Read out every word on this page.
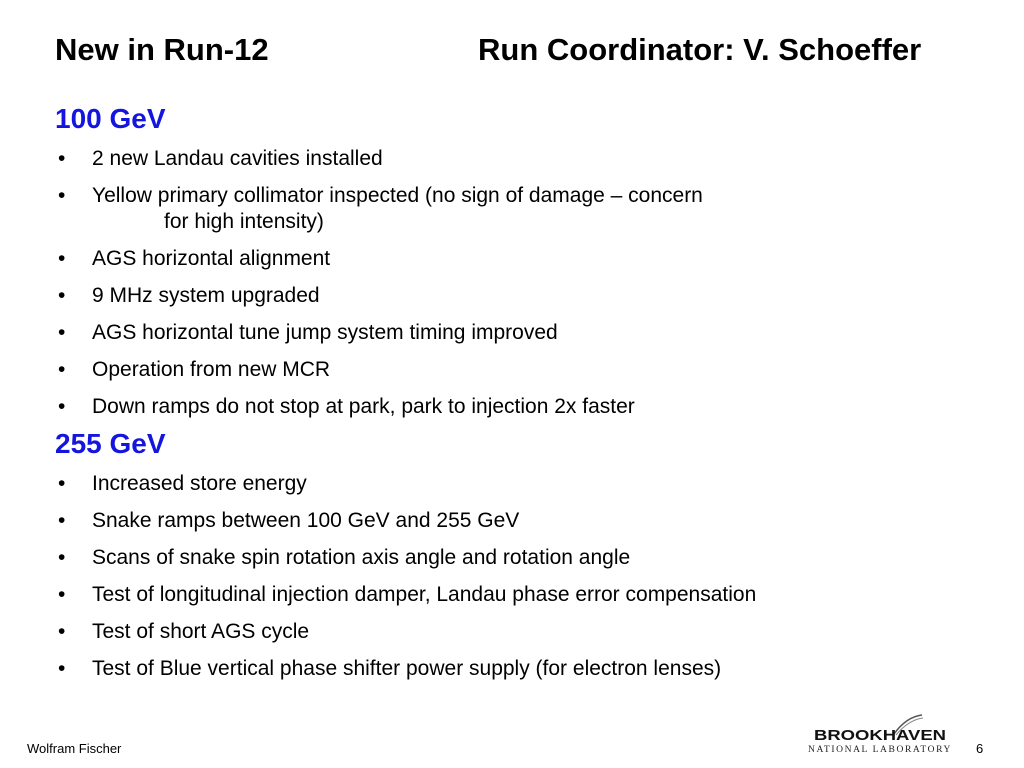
New in Run-12	Run Coordinator: V. Schoeffer
100 GeV
• 2 new Landau cavities installed
• Yellow primary collimator inspected (no sign of damage – concern
for high intensity)
• AGS horizontal alignment
• 9 MHz system upgraded
• AGS horizontal tune jump system timing improved
• Operation from new MCR
• Down ramps do not stop at park, park to injection 2x faster
255 GeV
• Increased store energy
• Snake ramps between 100 GeV and 255 GeV
• Scans of snake spin rotation axis angle and rotation angle
• Test of longitudinal injection damper, Landau phase error compensation
• Test of short AGS cycle
• Test of Blue vertical phase shifter power supply (for electron lenses)
Wolfram Fischer
BROOKHAVEN
NATIONAL LABORATORY 6
